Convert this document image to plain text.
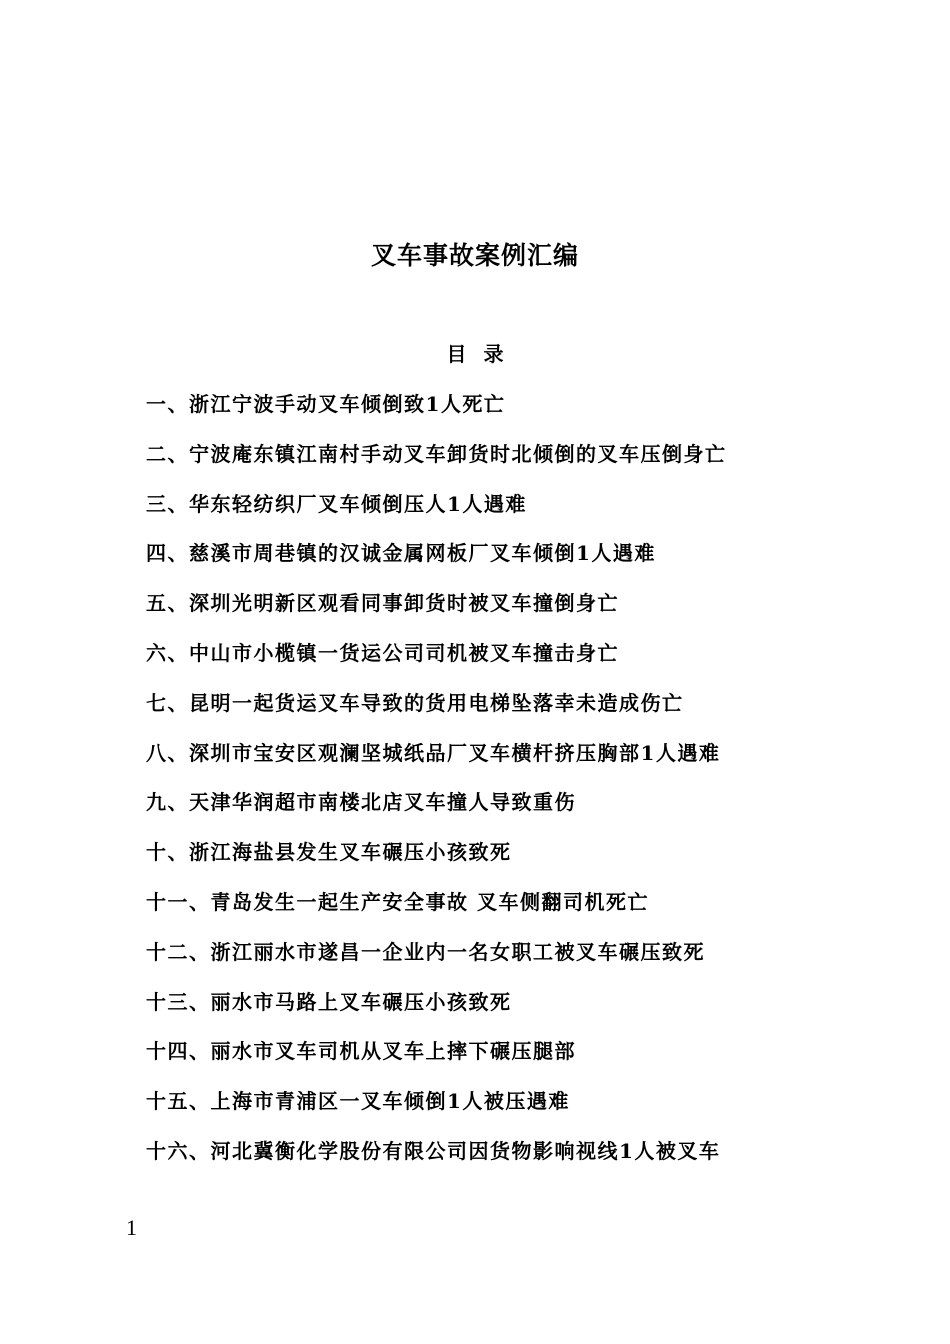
叉车事故案例汇编
目 录
一、浙江宁波手动叉车倾倒致1人死亡
二、宁波庵东镇江南村手动叉车卸货时北倾倒的叉车压倒身亡
三、华东轻纺织厂叉车倾倒压人1人遇难
四、慈溪市周巷镇的汉诚金属网板厂叉车倾倒1人遇难
五、深圳光明新区观看同事卸货时被叉车撞倒身亡
六、中山市小榄镇一货运公司司机被叉车撞击身亡
七、昆明一起货运叉车导致的货用电梯坠落幸未造成伤亡
八、深圳市宝安区观澜坚城纸品厂叉车横杆挤压胸部1人遇难
九、天津华润超市南楼北店叉车撞人导致重伤
十、浙江海盐县发生叉车碾压小孩致死
十一、青岛发生一起生产安全事故 叉车侧翻司机死亡
十二、浙江丽水市遂昌一企业内一名女职工被叉车碾压致死
十三、丽水市马路上叉车碾压小孩致死
十四、丽水市叉车司机从叉车上摔下碾压腿部
十五、上海市青浦区一叉车倾倒1人被压遇难
十六、河北冀衡化学股份有限公司因货物影响视线1人被叉车
1
